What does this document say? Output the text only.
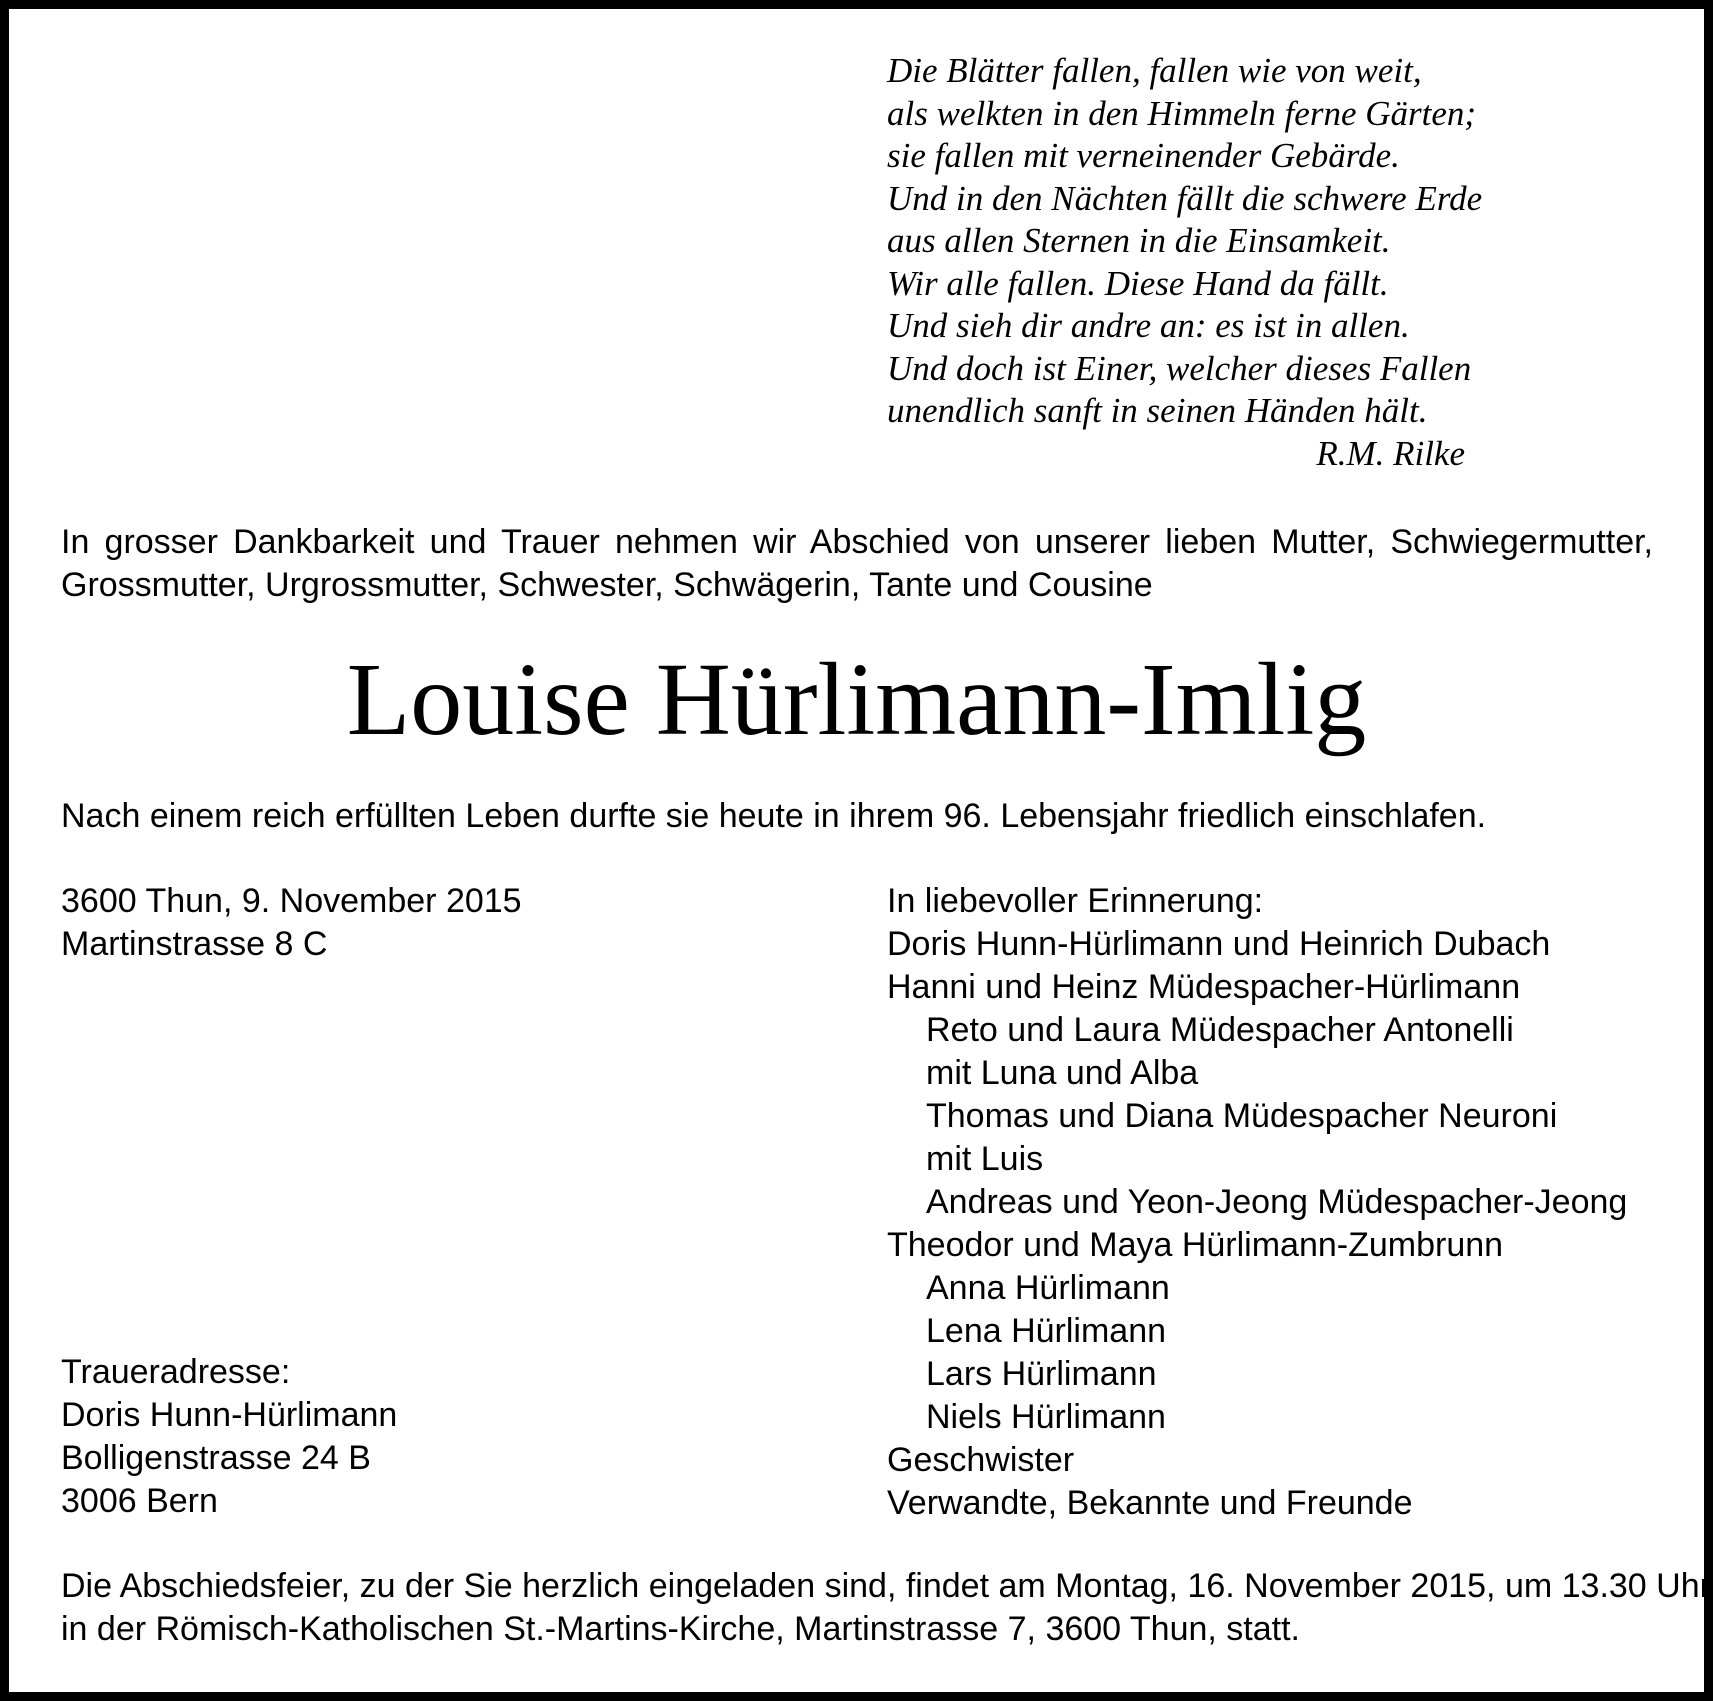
Die Blätter fallen, fallen wie von weit,
als welkten in den Himmeln ferne Gärten;
sie fallen mit verneinender Gebärde.
Und in den Nächten fällt die schwere Erde
aus allen Sternen in die Einsamkeit.
Wir alle fallen. Diese Hand da fällt.
Und sieh dir andre an: es ist in allen.
Und doch ist Einer, welcher dieses Fallen
unendlich sanft in seinen Händen hält.
R.M. Rilke
In grosser Dankbarkeit und Trauer nehmen wir Abschied von unserer lieben Mutter, Schwiegermutter, Grossmutter, Urgrossmutter, Schwester, Schwägerin, Tante und Cousine
Louise Hürlimann-Imlig
Nach einem reich erfüllten Leben durfte sie heute in ihrem 96. Lebensjahr friedlich einschlafen.
3600 Thun, 9. November 2015
Martinstrasse 8 C
Traueradresse:
Doris Hunn-Hürlimann
Bolligenstrasse 24 B
3006 Bern
In liebevoller Erinnerung:
Doris Hunn-Hürlimann und Heinrich Dubach
Hanni und Heinz Müdespacher-Hürlimann
Reto und Laura Müdespacher Antonelli
mit Luna und Alba
Thomas und Diana Müdespacher Neuroni
mit Luis
Andreas und Yeon-Jeong Müdespacher-Jeong
Theodor und Maya Hürlimann-Zumbrunn
Anna Hürlimann
Lena Hürlimann
Lars Hürlimann
Niels Hürlimann
Geschwister
Verwandte, Bekannte und Freunde
Die Abschiedsfeier, zu der Sie herzlich eingeladen sind, findet am Montag, 16. November 2015, um 13.30 Uhr
in der Römisch-Katholischen St.-Martins-Kirche, Martinstrasse 7, 3600 Thun, statt.
